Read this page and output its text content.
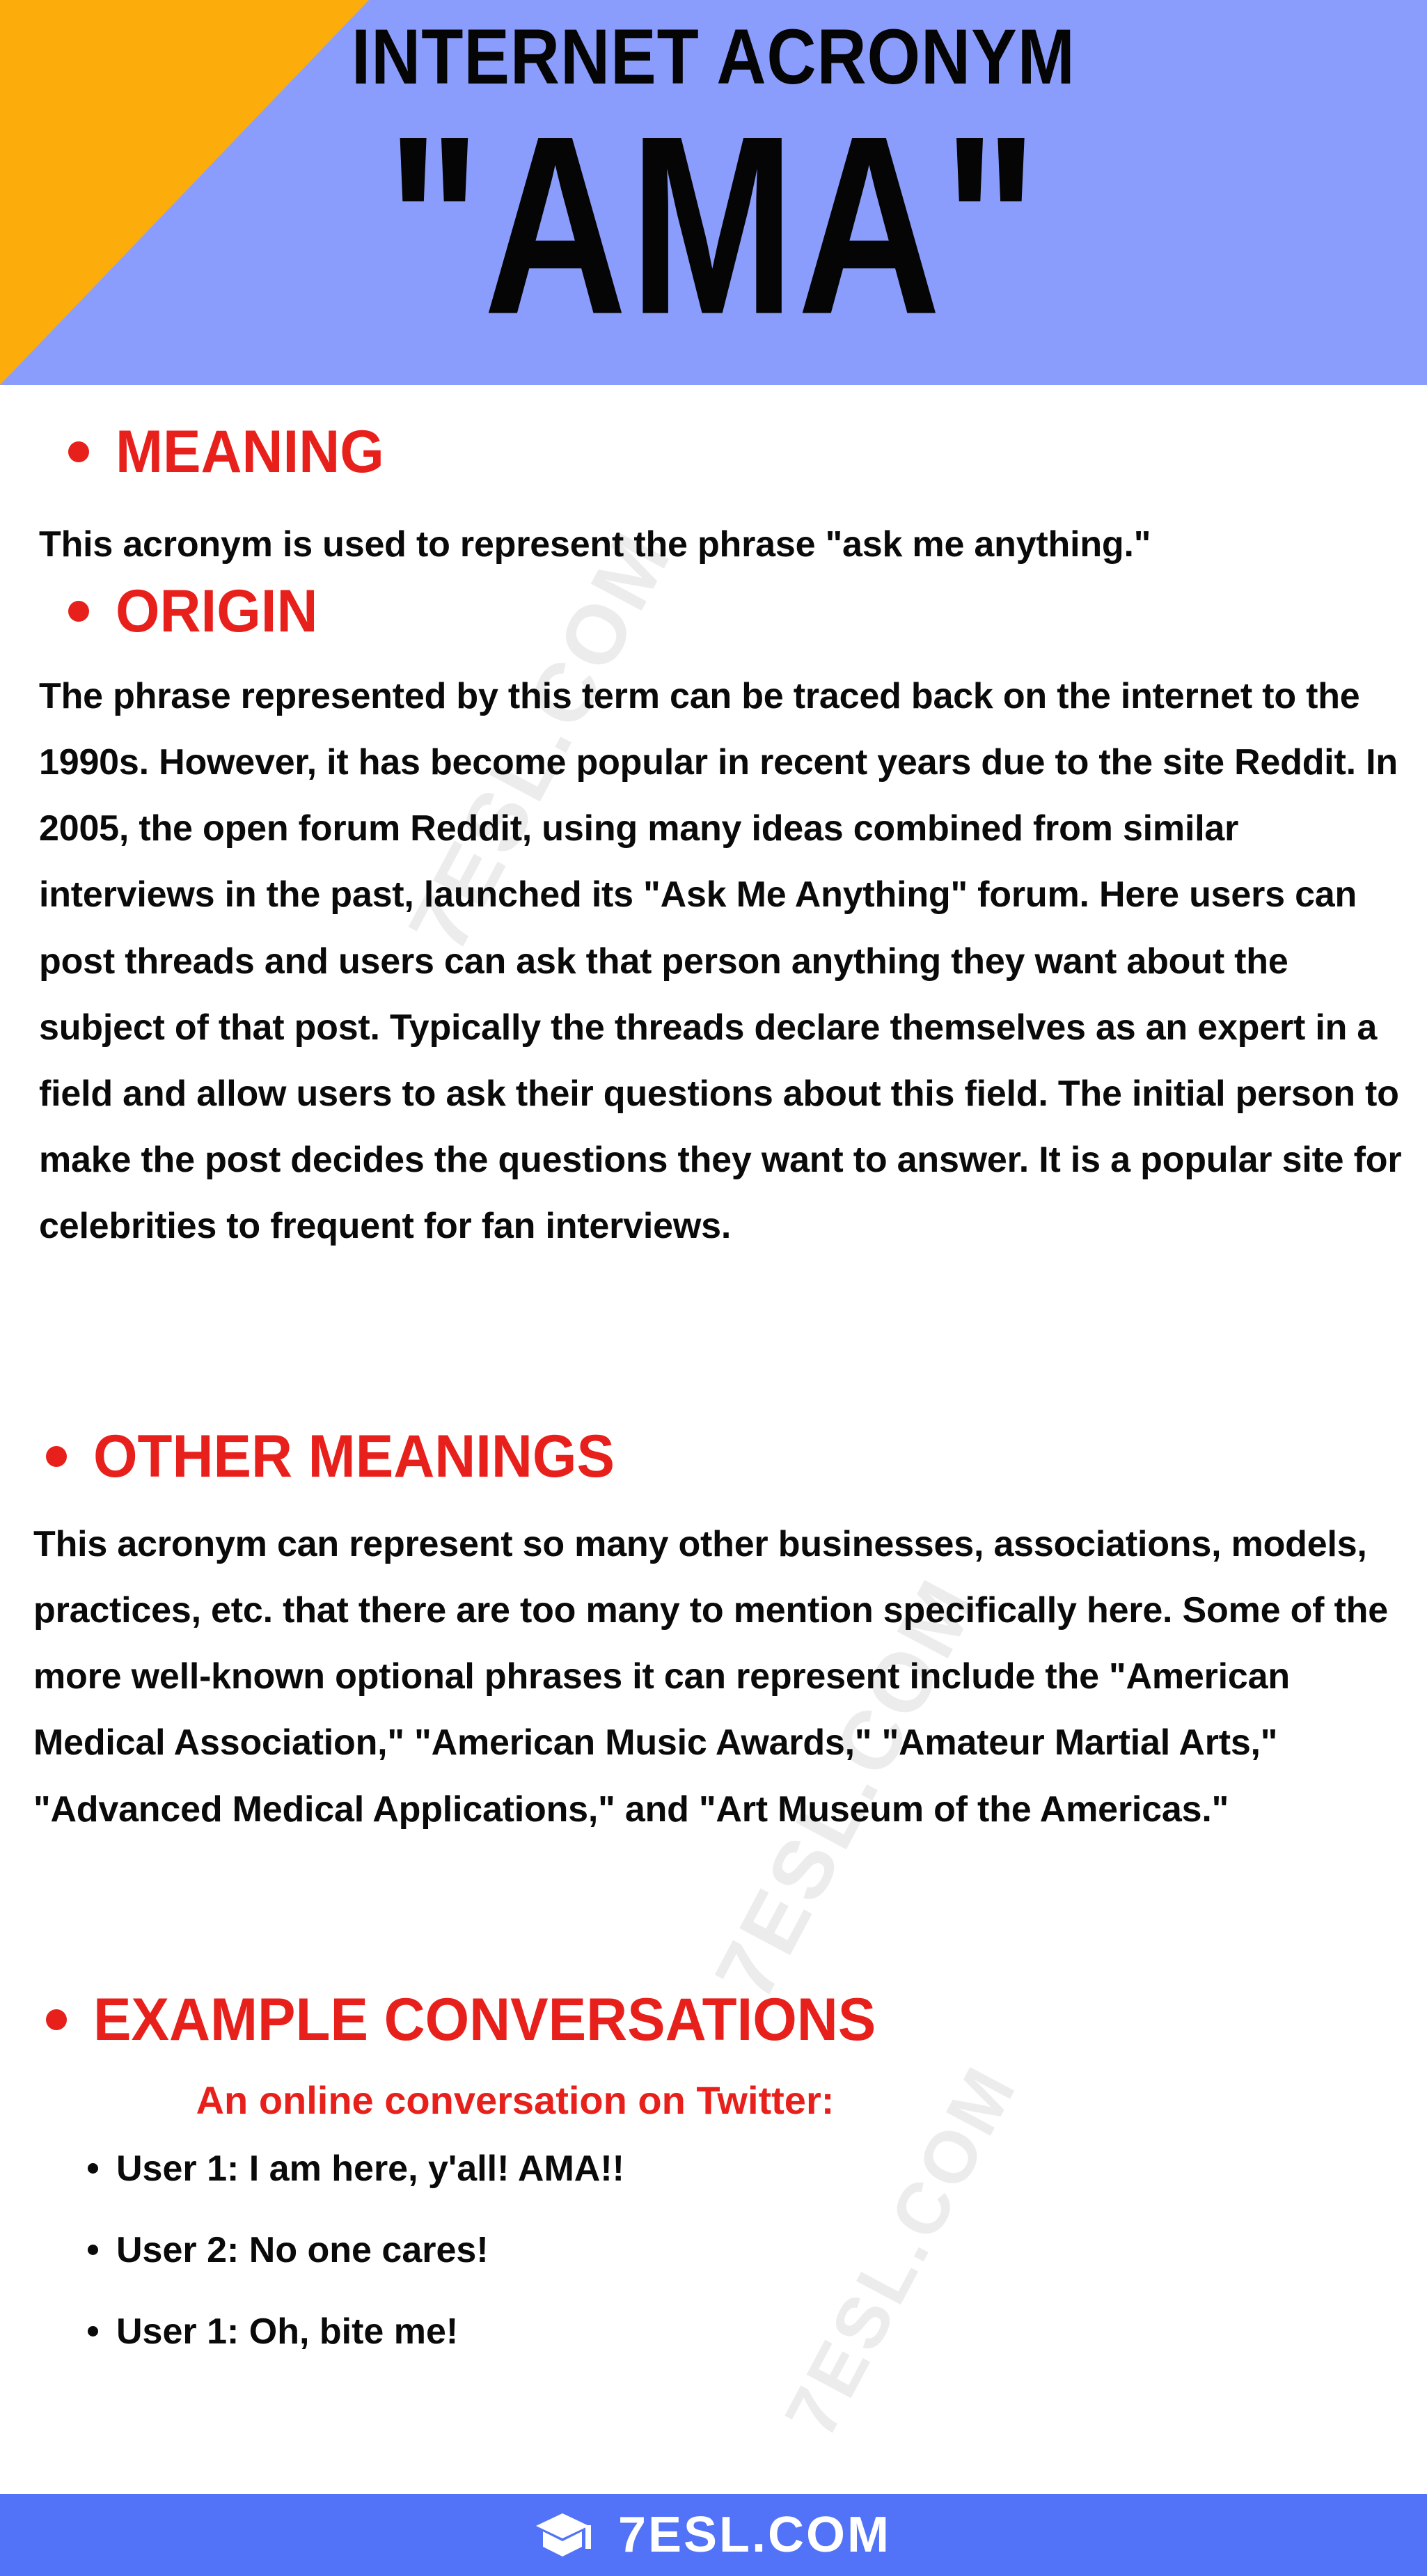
INTERNET ACRONYM
"AMA"
7ESL.COM
7ESL.COM
7ESL.COM
MEANING

This acronym is used to represent the phrase "ask me anything."

ORIGIN

The phrase represented by this term can be traced back on the internet to the 1990s. However, it has become popular in recent years due to the site Reddit. In 2005, the open forum Reddit, using many ideas combined from similar interviews in the past, launched its "Ask Me Anything" forum. Here users can post threads and users can ask that person anything they want about the subject of that post. Typically the threads declare themselves as an expert in a field and allow users to ask their questions about this field. The initial person to make the post decides the questions they want to answer. It is a popular site for celebrities to frequent for fan interviews.

OTHER MEANINGS

This acronym can represent so many other businesses, associations, models, practices, etc. that there are too many to mention specifically here. Some of the more well-known optional phrases it can represent include the "American Medical Association," "American Music Awards," "Amateur Martial Arts," "Advanced Medical Applications," and "Art Museum of the Americas."

EXAMPLE CONVERSATIONS
An online conversation on Twitter:
User 1: I am here, y'all! AMA!!
User 2: No one cares!
User 1: Oh, bite me!
7ESL.COM
